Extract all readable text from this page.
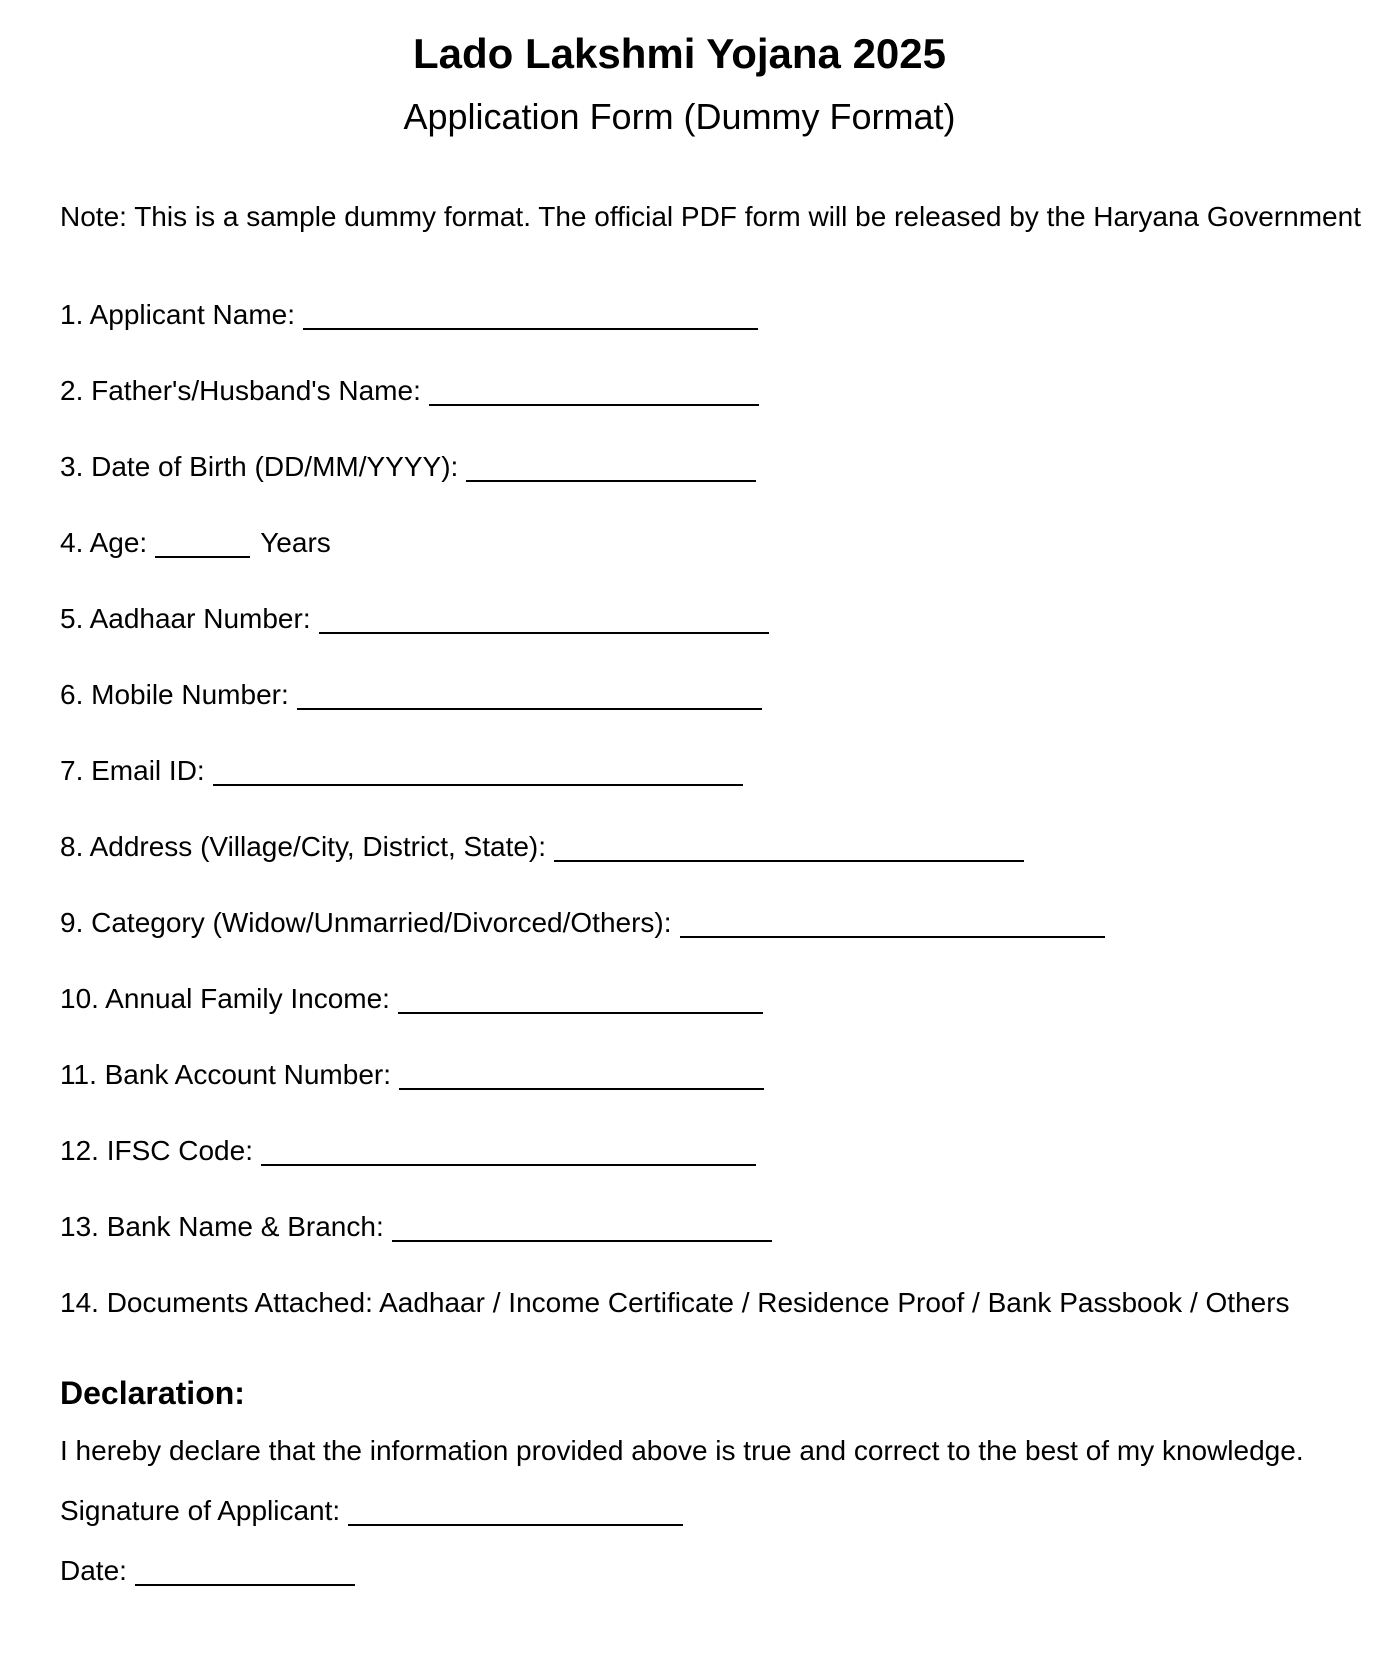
Lado Lakshmi Yojana 2025
Application Form (Dummy Format)
Note: This is a sample dummy format. The official PDF form will be released by the Haryana Government
1. Applicant Name:
2. Father's/Husband's Name:
3. Date of Birth (DD/MM/YYYY):
4. Age:	Years
5. Aadhaar Number:
6. Mobile Number:
7. Email ID:
8. Address (Village/City, District, State):
9. Category (Widow/Unmarried/Divorced/Others):
10. Annual Family Income:
11. Bank Account Number:
12. IFSC Code:
13. Bank Name & Branch:
14. Documents Attached: Aadhaar / Income Certificate / Residence Proof / Bank Passbook / Others
Declaration:
I hereby declare that the information provided above is true and correct to the best of my knowledge.
Signature of Applicant:
Date:
